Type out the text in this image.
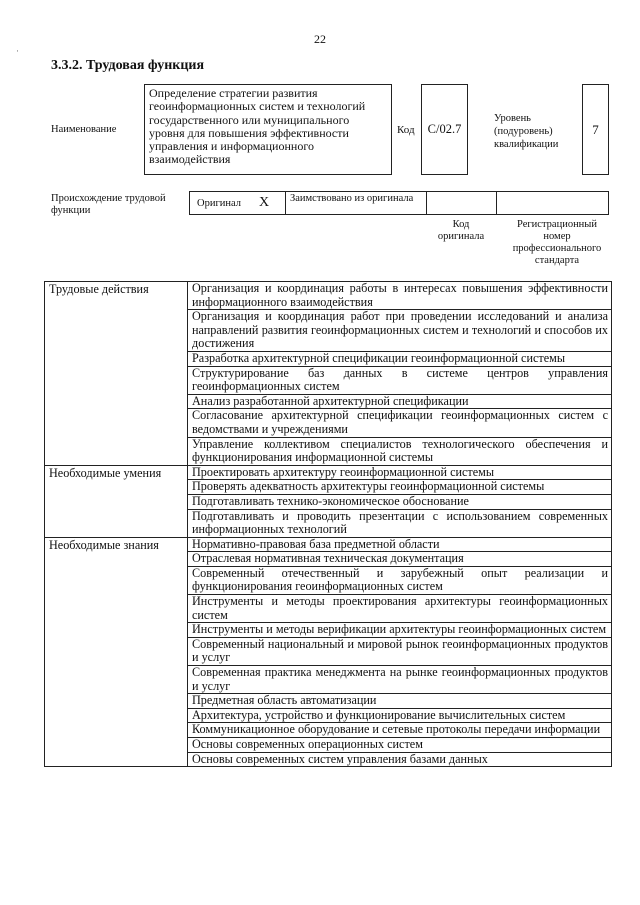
22
3.3.2. Трудовая функция
Наименование
Определение стратегии развития геоинформационных систем и технологий государственного или муниципального уровня для повышения эффективности управления и информационного взаимодействия
Код C/02.7
Уровень
(подуровень)
квалификации
7
Происхождение трудовой функции
Оригинал X Заимствовано из оригинала
Код
оригинала
Регистрационный
номер
профессионального
стандарта
Трудовые действия	Организация и координация работы в интересах повышения эффективности информационного взаимодействия
	Организация и координация работ при проведении исследований и анализа направлений развития геоинформационных систем и технологий и способов их достижения
	Разработка архитектурной спецификации геоинформационной системы
	Структурирование баз данных в системе центров управления геоинформационных систем
	Анализ разработанной архитектурной спецификации
	Согласование архитектурной спецификации геоинформационных систем с ведомствами и учреждениями
	Управление коллективом специалистов технологического обеспечения и функционирования информационной системы
Необходимые умения	Проектировать архитектуру геоинформационной системы
	Проверять адекватность архитектуры геоинформационной системы
	Подготавливать технико-экономическое обоснование
	Подготавливать и проводить презентации с использованием современных информационных технологий
Необходимые знания	Нормативно-правовая база предметной области
	Отраслевая нормативная техническая документация
	Современный отечественный и зарубежный опыт реализации и функционирования геоинформационных систем
	Инструменты и методы проектирования архитектуры геоинформационных систем
	Инструменты и методы верификации архитектуры геоинформационных систем
	Современный национальный и мировой рынок геоинформационных продуктов и услуг
	Современная практика менеджмента на рынке геоинформационных продуктов и услуг
	Предметная область автоматизации
	Архитектура, устройство и функционирование вычислительных систем
	Коммуникационное оборудование и сетевые протоколы передачи информации
	Основы современных операционных систем
	Основы современных систем управления базами данных
·
